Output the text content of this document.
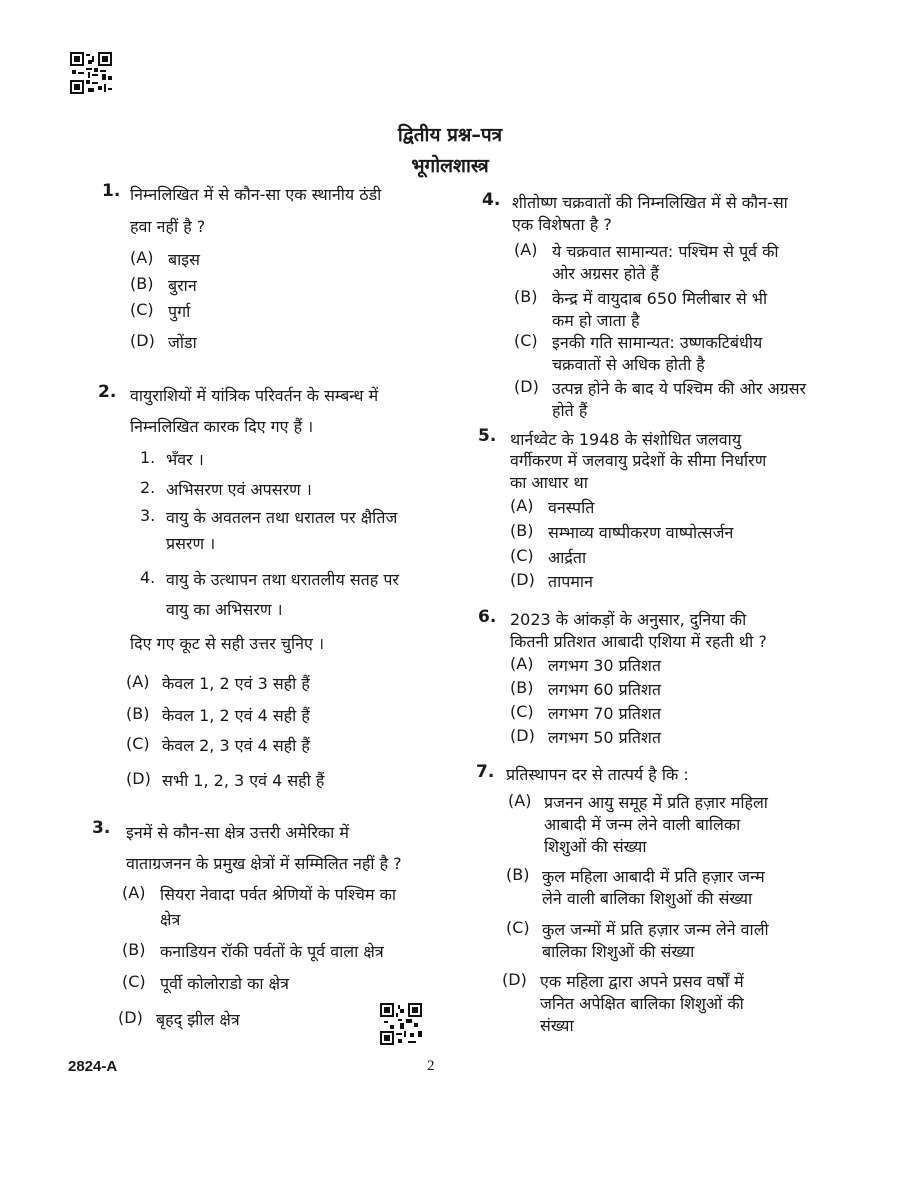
द्वितीय प्रश्न–पत्र
भूगोलशास्त्र
1. निम्नलिखित में से कौन-सा एक स्थानीय ठंडी
हवा नहीं है ?
(A) बाइस
(B) बुरान
(C) पुर्गा
(D) जोंडा
2. वायुराशियों में यांत्रिक परिवर्तन के सम्बन्ध में
निम्नलिखित कारक दिए गए हैं ।
1. भँवर ।
2. अभिसरण एवं अपसरण ।
3. वायु के अवतलन तथा धरातल पर क्षैतिज
प्रसरण ।
4. वायु के उत्थापन तथा धरातलीय सतह पर
वायु का अभिसरण ।
दिए गए कूट से सही उत्तर चुनिए ।
(A) केवल 1, 2 एवं 3 सही हैं
(B) केवल 1, 2 एवं 4 सही हैं
(C) केवल 2, 3 एवं 4 सही हैं
(D) सभी 1, 2, 3 एवं 4 सही हैं
3. इनमें से कौन-सा क्षेत्र उत्तरी अमेरिका में
वाताग्रजनन के प्रमुख क्षेत्रों में सम्मिलित नहीं है ?
(A) सियरा नेवादा पर्वत श्रेणियों के पश्चिम का
क्षेत्र
(B) कनाडियन रॉकी पर्वतों के पूर्व वाला क्षेत्र
(C) पूर्वी कोलोराडो का क्षेत्र
(D) बृहद् झील क्षेत्र
4. शीतोष्ण चक्रवातों की निम्नलिखित में से कौन-सा
एक विशेषता है ?
(A) ये चक्रवात सामान्यत: पश्चिम से पूर्व की
ओर अग्रसर होते हैं
(B) केन्द्र में वायुदाब 650 मिलीबार से भी
कम हो जाता है
(C) इनकी गति सामान्यत: उष्णकटिबंधीय
चक्रवातों से अधिक होती है
(D) उत्पन्न होने के बाद ये पश्चिम की ओर अग्रसर
होते हैं
5. थार्नथ्वेट के 1948 के संशोधित जलवायु
वर्गीकरण में जलवायु प्रदेशों के सीमा निर्धारण
का आधार था
(A) वनस्पति
(B) सम्भाव्य वाष्पीकरण वाष्पोत्सर्जन
(C) आर्द्रता
(D) तापमान
6. 2023 के आंकड़ों के अनुसार, दुनिया की
कितनी प्रतिशत आबादी एशिया में रहती थी ?
(A) लगभग 30 प्रतिशत
(B) लगभग 60 प्रतिशत
(C) लगभग 70 प्रतिशत
(D) लगभग 50 प्रतिशत
7. प्रतिस्थापन दर से तात्पर्य है कि :
(A) प्रजनन आयु समूह में प्रति हज़ार महिला
आबादी में जन्म लेने वाली बालिका
शिशुओं की संख्या
(B) कुल महिला आबादी में प्रति हज़ार जन्म
लेने वाली बालिका शिशुओं की संख्या
(C) कुल जन्मों में प्रति हज़ार जन्म लेने वाली
बालिका शिशुओं की संख्या
(D) एक महिला द्वारा अपने प्रसव वर्षों में
जनित अपेक्षित बालिका शिशुओं की
संख्या
2824-A	2
